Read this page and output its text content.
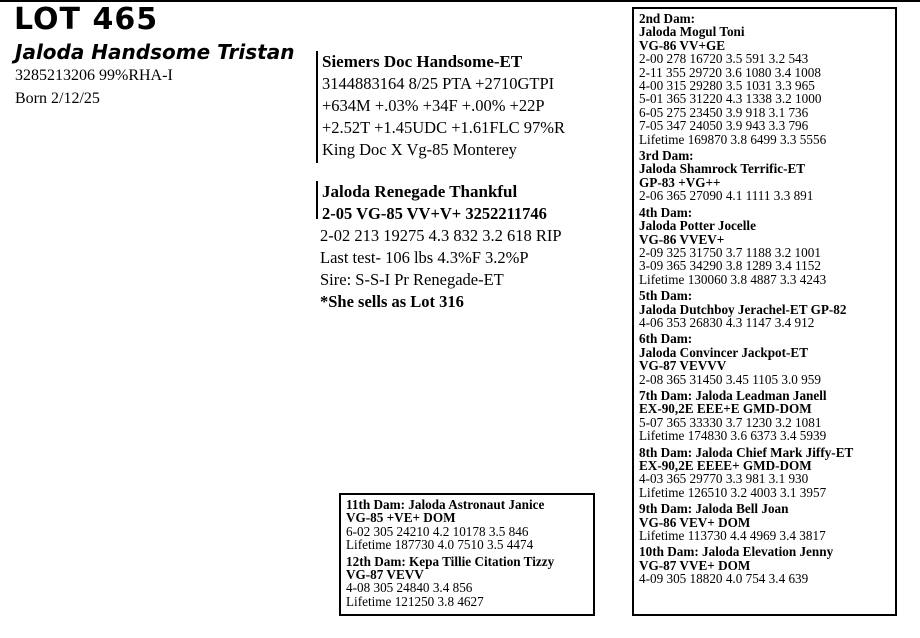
LOT 465
Jaloda Handsome Tristan
3285213206 99%RHA-I
Born 2/12/25
Siemers Doc Handsome-ET
3144883164 8/25 PTA +2710GTPI
+634M +.03% +34F +.00% +22P
+2.52T +1.45UDC +1.61FLC 97%R
King Doc X Vg-85 Monterey
Jaloda Renegade Thankful
2-05 VG-85 VV+V+ 3252211746
2-02 213 19275 4.3 832 3.2 618 RIP
Last test- 106 lbs 4.3%F 3.2%P
Sire: S-S-I Pr Renegade-ET
*She sells as Lot 316
2nd Dam:
Jaloda Mogul Toni
VG-86 VV+GE
2-00 278 16720 3.5 591 3.2 543
2-11 355 29720 3.6 1080 3.4 1008
4-00 315 29280 3.5 1031 3.3 965
5-01 365 31220 4.3 1338 3.2 1000
6-05 275 23450 3.9 918 3.1 736
7-05 347 24050 3.9 943 3.3 796
Lifetime 169870 3.8 6499 3.3 5556
3rd Dam:
Jaloda Shamrock Terrific-ET
GP-83 +VG++
2-06 365 27090 4.1 1111 3.3 891
4th Dam:
Jaloda Potter Jocelle
VG-86 VVEV+
2-09 325 31750 3.7 1188 3.2 1001
3-09 365 34290 3.8 1289 3.4 1152
Lifetime 130060 3.8 4887 3.3 4243
5th Dam:
Jaloda Dutchboy Jerachel-ET GP-82
4-06 353 26830 4.3 1147 3.4 912
6th Dam:
Jaloda Convincer Jackpot-ET
VG-87 VEVVV
2-08 365 31450 3.45 1105 3.0 959
7th Dam: Jaloda Leadman Janell
EX-90,2E EEE+E GMD-DOM
5-07 365 33330 3.7 1230 3.2 1081
Lifetime 174830 3.6 6373 3.4 5939
8th Dam: Jaloda Chief Mark Jiffy-ET
EX-90,2E EEEE+ GMD-DOM
4-03 365 29770 3.3 981 3.1 930
Lifetime 126510 3.2 4003 3.1 3957
9th Dam: Jaloda Bell Joan
VG-86 VEV+ DOM
Lifetime 113730 4.4 4969 3.4 3817
10th Dam: Jaloda Elevation Jenny
VG-87 VVE+ DOM
4-09 305 18820 4.0 754 3.4 639
11th Dam: Jaloda Astronaut Janice
VG-85 +VE+ DOM
6-02 305 24210 4.2 10178 3.5 846
Lifetime 187730 4.0 7510 3.5 4474
12th Dam: Kepa Tillie Citation Tizzy
VG-87 VEVV
4-08 305 24840 3.4 856
Lifetime 121250 3.8 4627
